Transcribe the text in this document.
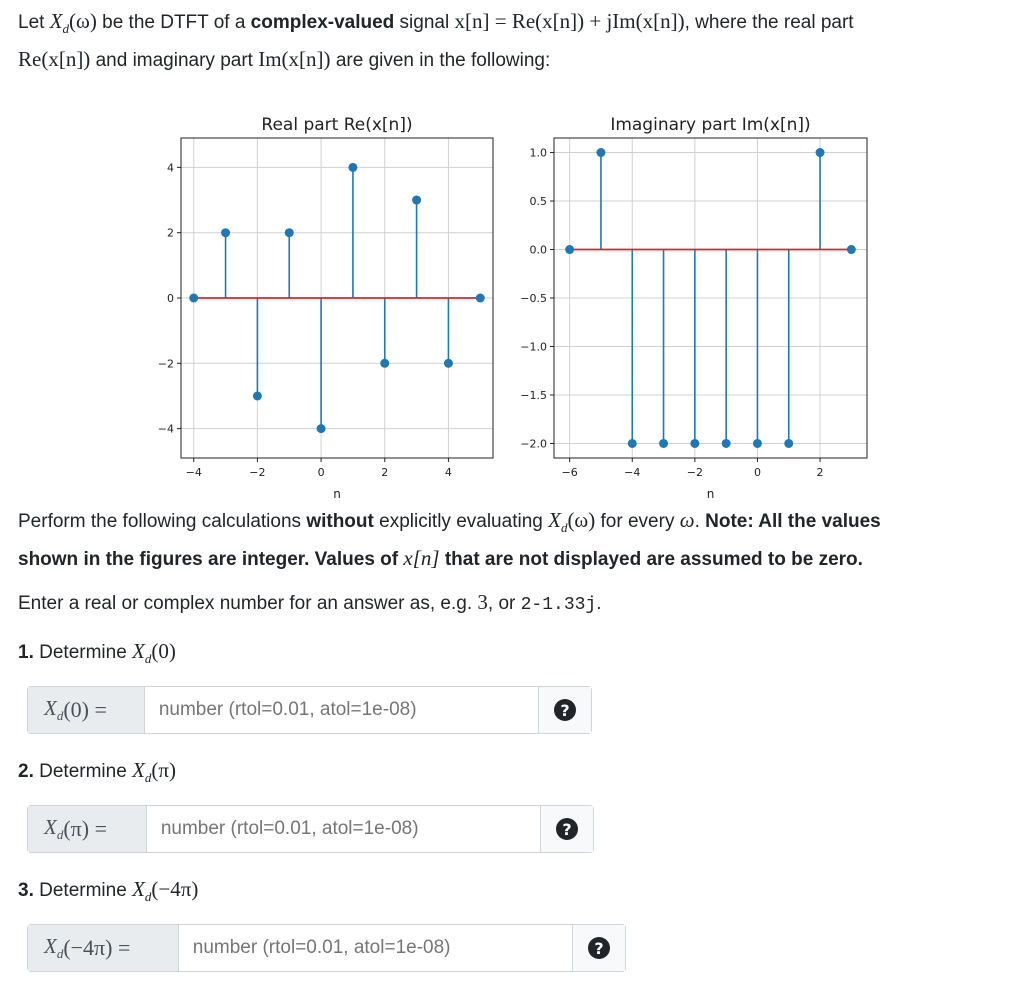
Let $X_d(\omega)$ be the DTFT of a complex-valued signal x[n] = Re(x[n]) + jIm(x[n]), where the real part
Re(x[n]) and imaginary part Im(x[n]) are given in the following:
−4	−2	0	2	4
−4
−2
0
2
4
Real part Re(x[n])
n
−6	−4	−2	0	2
1.0
0.5
0.0
−0.5
−1.0
−1.5
−2.0
Imaginary part Im(x[n])
n
Perform the following calculations without explicitly evaluating $X_d(\omega)$ for every ω. Note: All the values
shown in the figures are integer. Values of x[n] that are not displayed are assumed to be zero.
Enter a real or complex number for an answer as, e.g. 3, or 2-1.33j.
1. Determine $X_d(0)$
$X_d$ (0) =
number (rtol=0.01, atol=1e-08)	?
2. Determine $X_d(\pi)$
$X_d$ (π) =
number (rtol=0.01, atol=1e-08)	?
3. Determine $X_d(-4\pi)$
$X_d$ (−4π) =
number (rtol=0.01, atol=1e-08)	?
